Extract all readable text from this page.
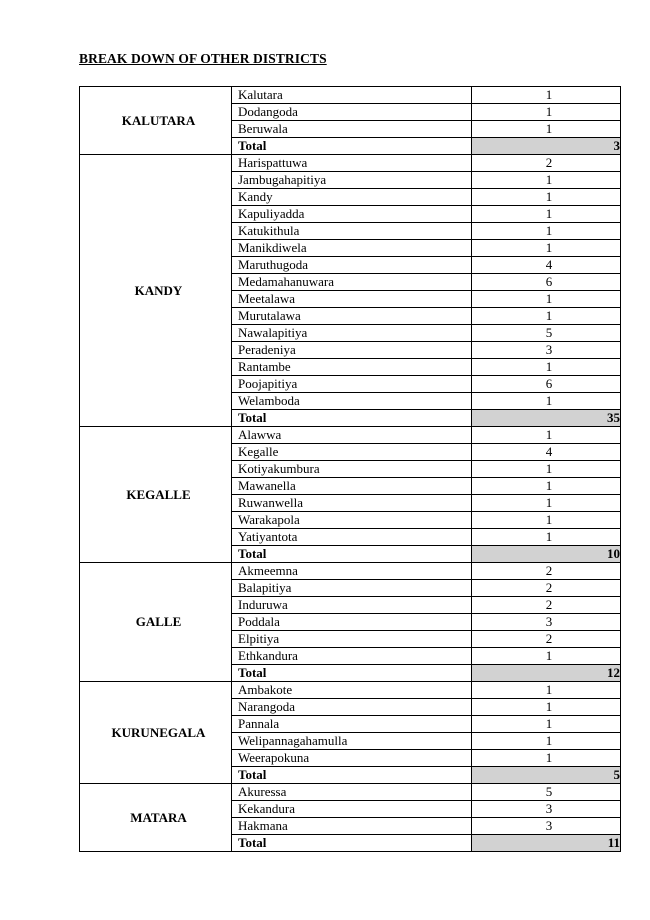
BREAK DOWN OF OTHER DISTRICTS
KALUTARA	Kalutara	1
	Dodangoda	1
	Beruwala	1
	Total	3
KANDY	Harispattuwa	2
	Jambugahapitiya	1
	Kandy	1
	Kapuliyadda	1
	Katukithula	1
	Manikdiwela	1
	Maruthugoda	4
	Medamahanuwara	6
	Meetalawa	1
	Murutalawa	1
	Nawalapitiya	5
	Peradeniya	3
	Rantambe	1
	Poojapitiya	6
	Welamboda	1
	Total	35
KEGALLE	Alawwa	1
	Kegalle	4
	Kotiyakumbura	1
	Mawanella	1
	Ruwanwella	1
	Warakapola	1
	Yatiyantota	1
	Total	10
GALLE	Akmeemna	2
	Balapitiya	2
	Induruwa	2
	Poddala	3
	Elpitiya	2
	Ethkandura	1
	Total	12
KURUNEGALA	Ambakote	1
	Narangoda	1
	Pannala	1
	Welipannagahamulla	1
	Weerapokuna	1
	Total	5
MATARA	Akuressa	5
	Kekandura	3
	Hakmana	3
	Total	11
